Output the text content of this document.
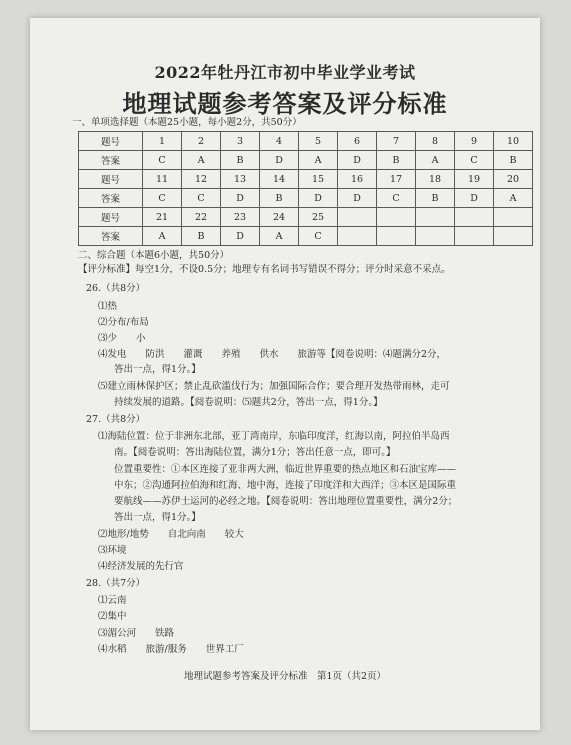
2022年牡丹江市初中毕业学业考试
地理试题参考答案及评分标准
一、单项选择题（本题25小题，每小题2分，共50分）
题号	1	2	3	4	5	6	7	8	9	10
答案	C	A	B	D	A	D	B	A	C	B
题号	11	12	13	14	15	16	17	18	19	20
答案	C	C	D	B	D	D	C	B	D	A
题号	21	22	23	24	25					
答案	A	B	D	A	C					
二、综合题（本题6小题，共50分）
【评分标准】每空1分，不设0.5分；地理专有名词书写错误不得分；评分时采意不采点。
26.（共8分）
⑴热
⑵分布/布局
⑶少　　小
⑷发电　　防洪　　灌溉　　养殖　　供水　　旅游等【阅卷说明：⑷题满分2分，
答出一点，得1分。】
⑸建立雨林保护区；禁止乱砍滥伐行为；加强国际合作；要合理开发热带雨林，走可
持续发展的道路。【阅卷说明：⑸题共2分，答出一点，得1分。】
27.（共8分）
⑴海陆位置：位于非洲东北部，亚丁湾南岸，东临印度洋，红海以南，阿拉伯半岛西
南。【阅卷说明：答出海陆位置，满分1分；答出任意一点，即可。】
位置重要性：①本区连接了亚非两大洲，临近世界重要的热点地区和石油宝库——
中东；②沟通阿拉伯海和红海、地中海，连接了印度洋和大西洋；③本区是国际重
要航线——苏伊士运河的必经之地。【阅卷说明：答出地理位置重要性，满分2分；
答出一点，得1分。】
⑵地形/地势　　自北向南　　较大
⑶环境
⑷经济发展的先行官
28.（共7分）
⑴云南
⑵集中
⑶湄公河　　铁路
⑷水稻　　旅游/服务　　世界工厂
地理试题参考答案及评分标准　第1页（共2页）
